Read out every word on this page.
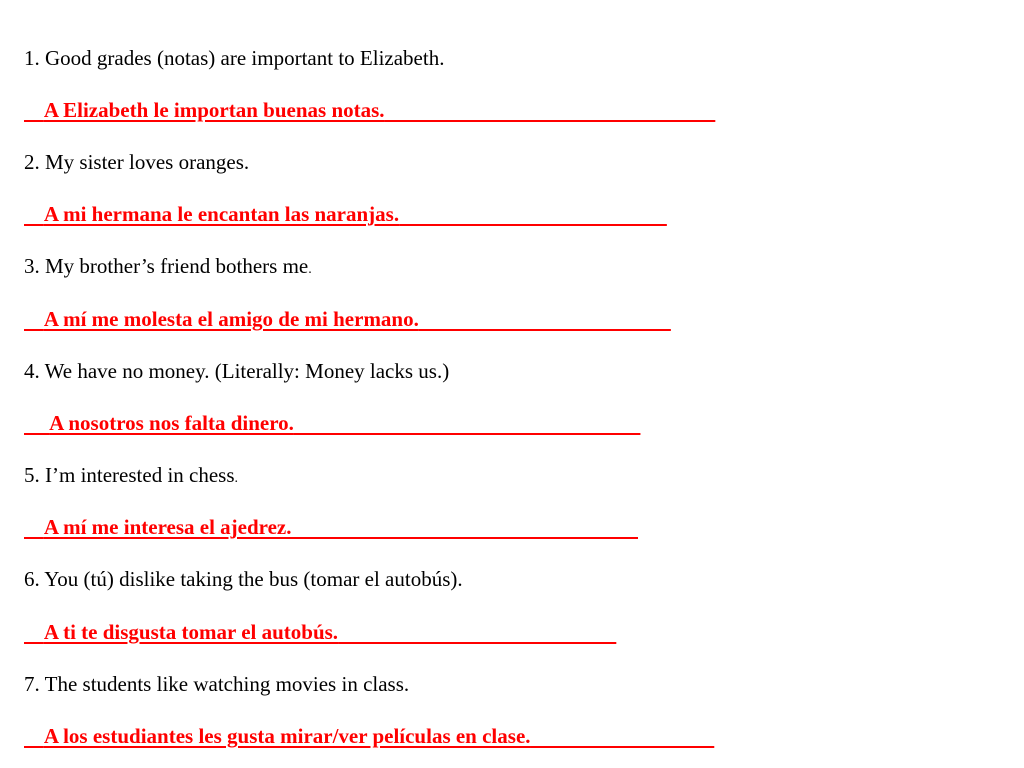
1. Good grades (notas) are important to Elizabeth.
A Elizabeth le importan buenas notas.
2. My sister loves oranges.
A mi hermana le encantan las naranjas.
3. My brother’s friend bothers me.
A mí me molesta el amigo de mi hermano.
4. We have no money. (Literally: Money lacks us.)
A nosotros nos falta dinero.
5. I’m interested in chess.
A mí me interesa el ajedrez.
6. You (tú) dislike taking the bus (tomar el autobús).
A ti te disgusta tomar el autobús.
7. The students like watching movies in class.
A los estudiantes les gusta mirar/ver películas en clase.
